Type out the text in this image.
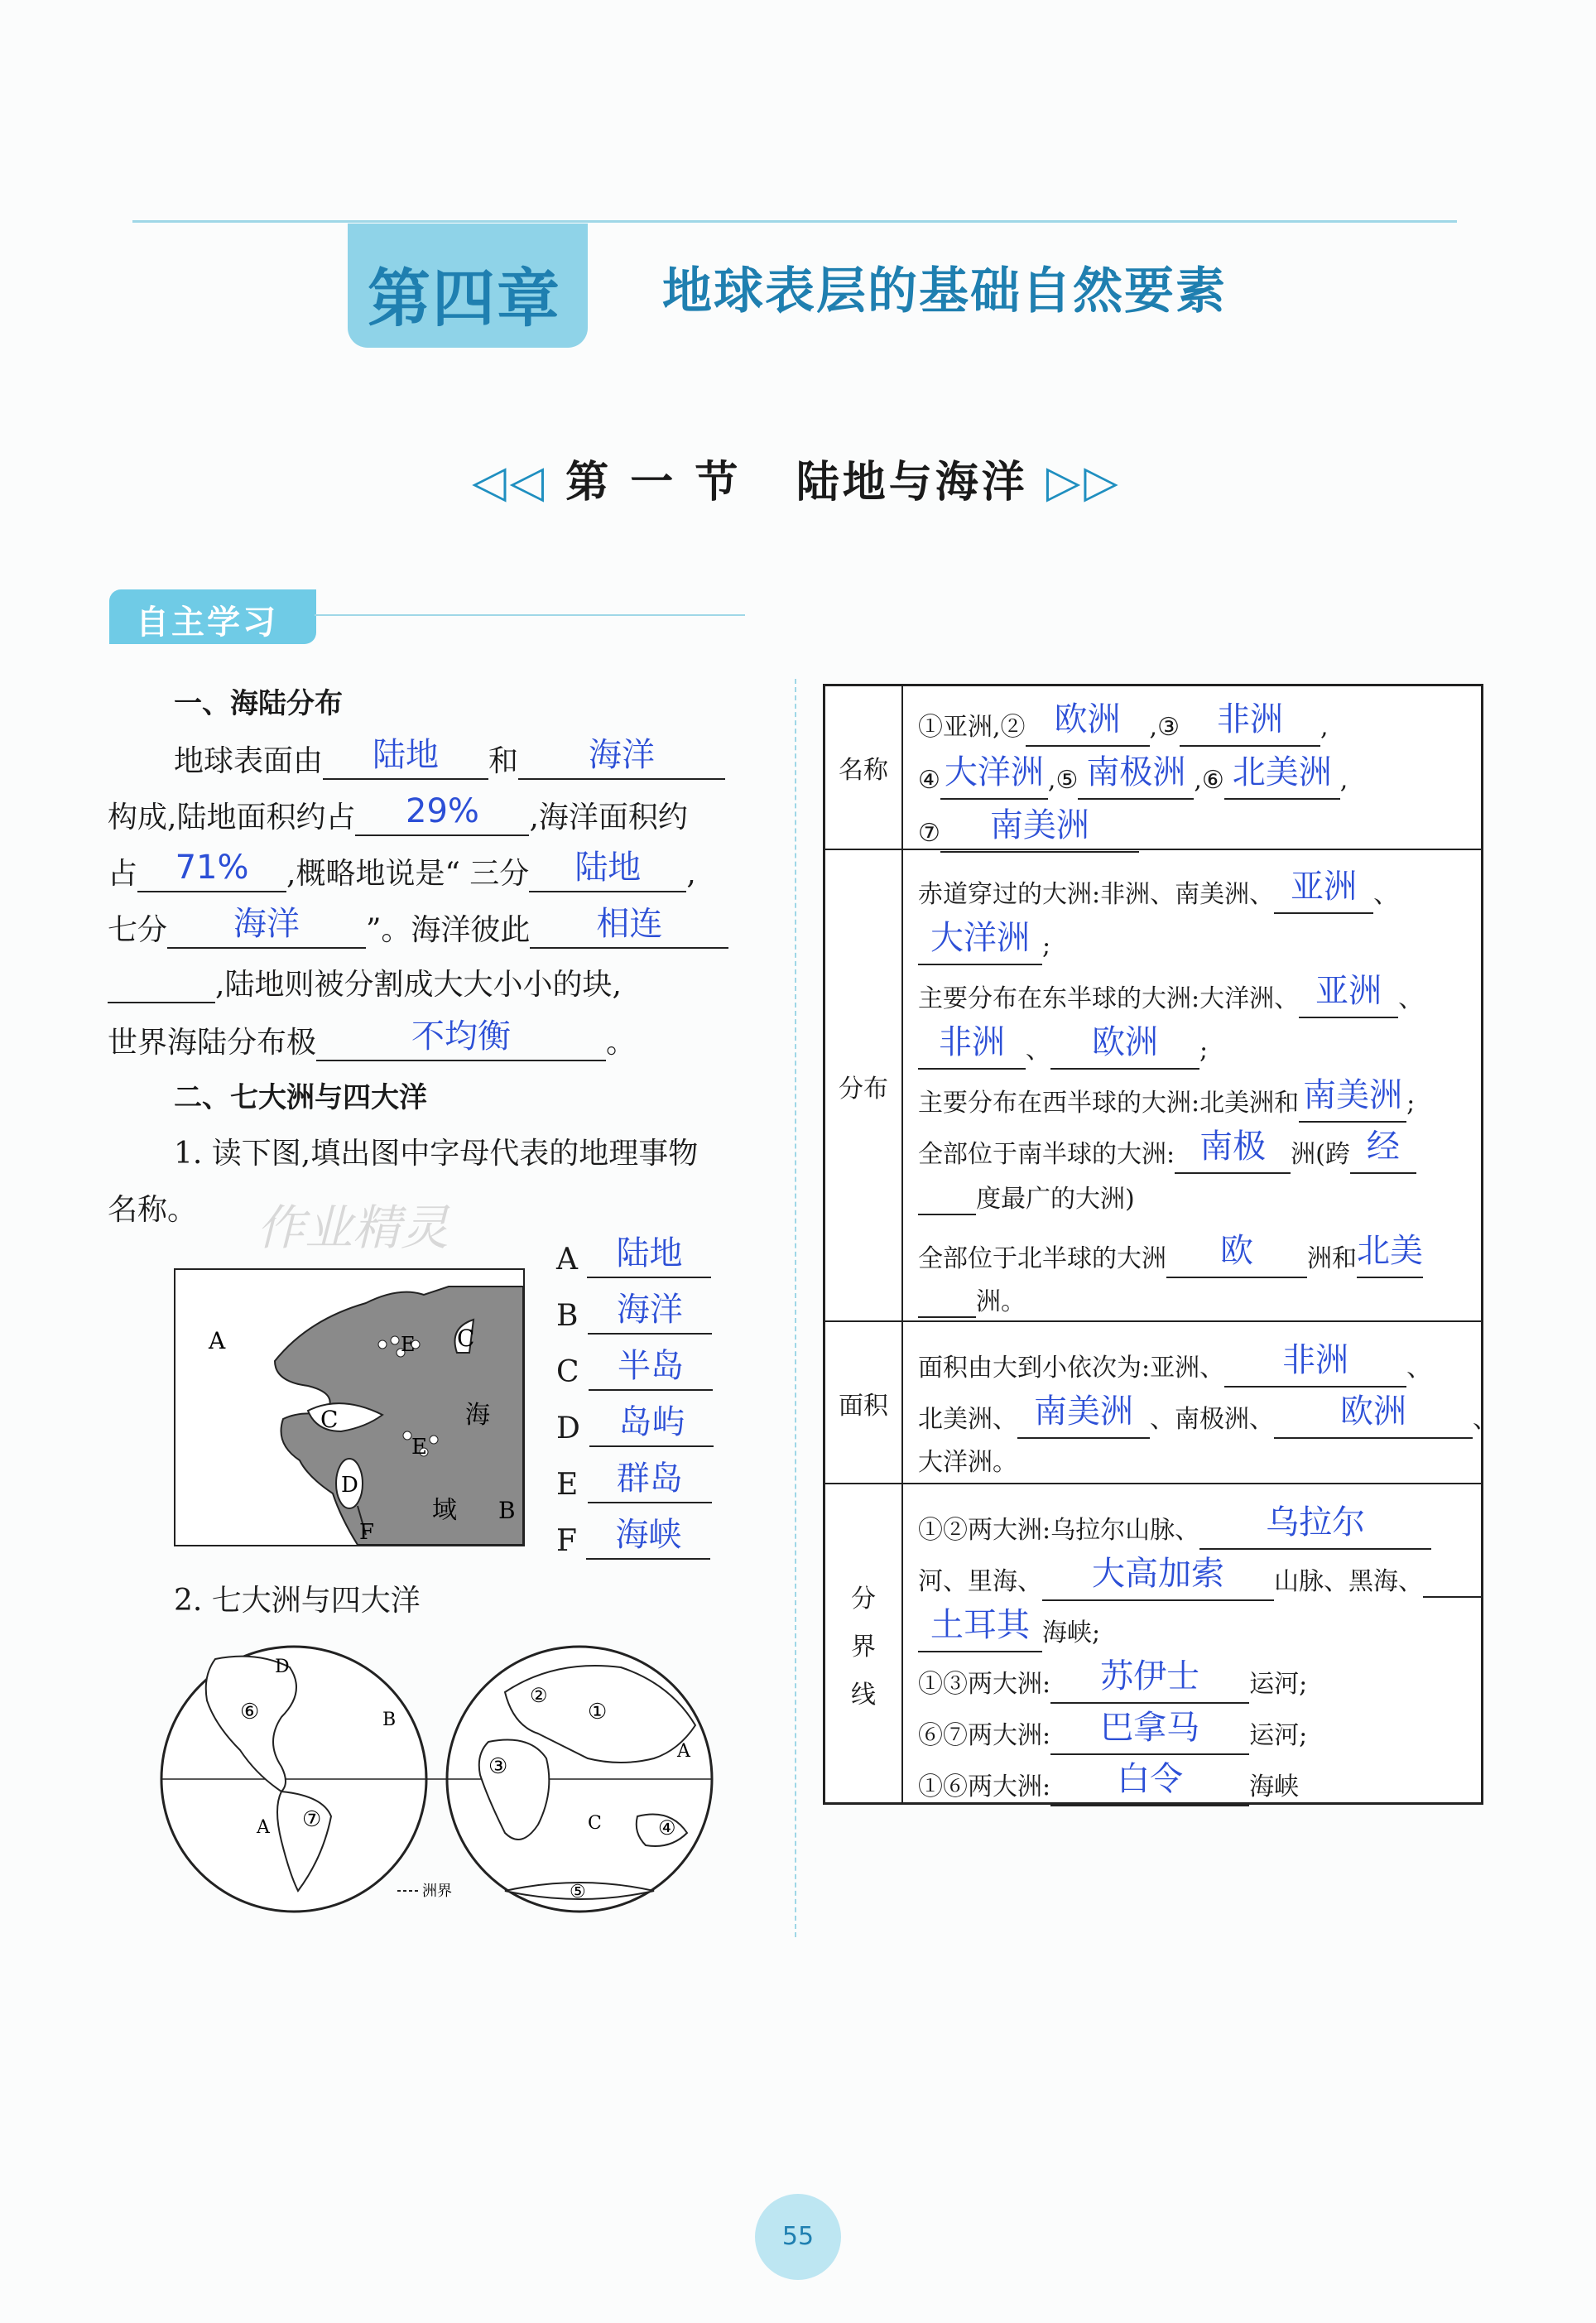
第四章 地球表层的基础自然要素
◁◁ 第 一 节   陆地与海洋 ▷▷
自主学习
一、海陆分布
地球表面由 陆地 和 海洋
构成,陆地面积约占 29% ,海洋面积约
占 71% ,概略地说是“ 三分 陆地 ,
七分 海洋 ”。海洋彼此 相连
,陆地则被分割成大大小小的块,
世界海陆分布极	不均衡	。
二、七大洲与四大洋
1. 读下图,填出图中字母代表的地理事物
名称。 作业精灵
A
B
C
C
D
E
E
F
海
域
A 陆地
B 海洋
C 半岛
D 岛屿
E 群岛
F 海峡
2. 七大洲与四大洋
D
⑥	B
A ⑦
②
①
③
A
C	④
⑤
洲界
名称
①亚洲,② 欧洲 ,③ 非洲 ,
④ 大洋洲 ,⑤ 南极洲 ,⑥ 北美洲 ,
⑦ 南美洲
分布
赤道穿过的大洲:非洲、南美洲、 亚洲 、
大洋洲 ;
主要分布在东半球的大洲:大洋洲、 亚洲 、
非洲 、 欧洲 ;
主要分布在西半球的大洲:北美洲和 南美洲 ;
全部位于南半球的大洲: 南极 洲(跨 经
度最广的大洲)
全部位于北半球的大洲 欧 洲和北美
洲。
面积
面积由大到小依次为:亚洲、 非洲 、
北美洲、 南美洲 、南极洲、 欧洲	、
大洋洲。
分
界
线
①②两大洲:乌拉尔山脉、 乌拉尔
河、里海、 大高加索 山脉、黑海、
土耳其 海峡;
①③两大洲: 苏伊士 运河;
⑥⑦两大洲: 巴拿马 运河;
①⑥两大洲: 白令	海峡
55
